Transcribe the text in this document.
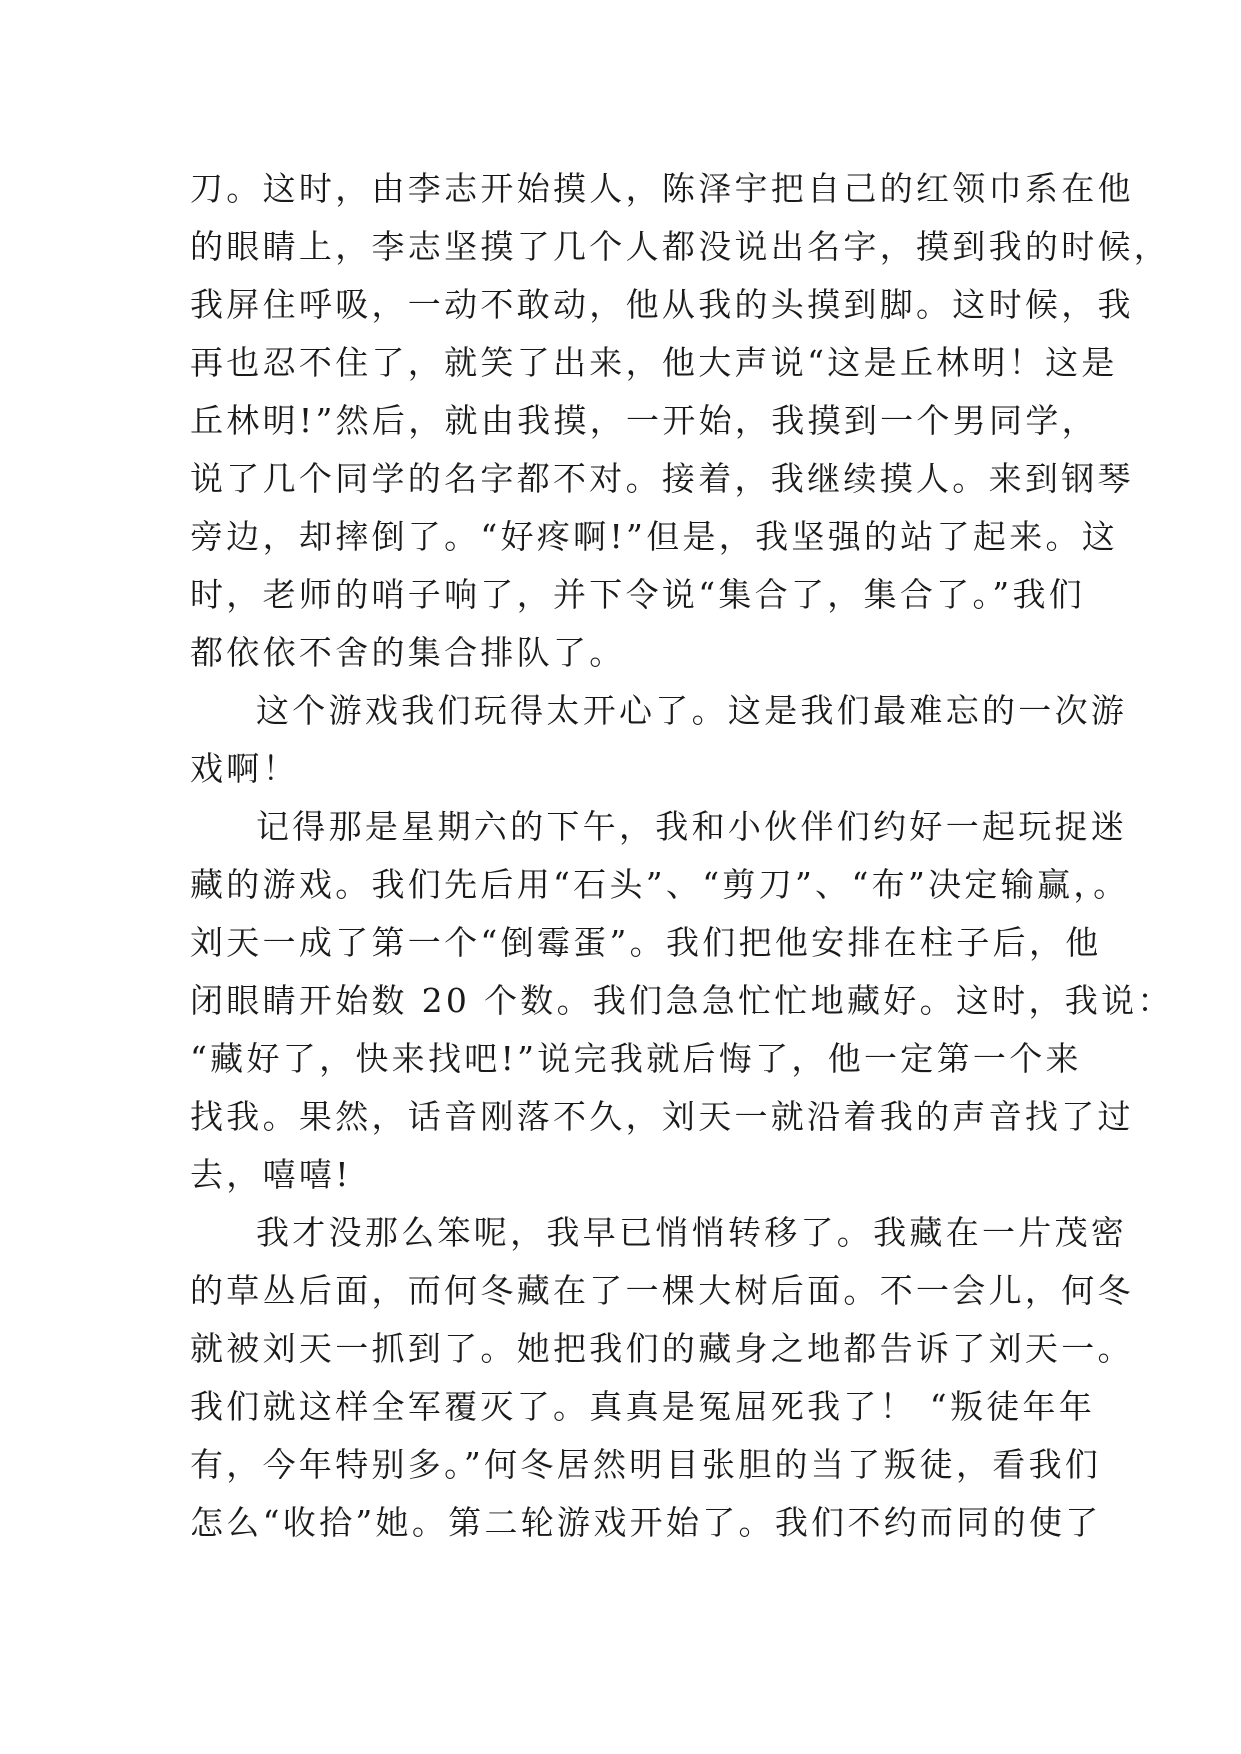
刀。这时，由李志开始摸人，陈泽宇把自己的红领巾系在他
的眼睛上，李志坚摸了几个人都没说出名字，摸到我的时候，
我屏住呼吸，一动不敢动，他从我的头摸到脚。这时候，我
再也忍不住了，就笑了出来，他大声说“这是丘林明！这是
丘林明!”然后，就由我摸，一开始，我摸到一个男同学，
说了几个同学的名字都不对。接着，我继续摸人。来到钢琴
旁边，却摔倒了。“好疼啊!”但是，我坚强的站了起来。这
时，老师的哨子响了，并下令说“集合了，集合了。”我们
都依依不舍的集合排队了。
这个游戏我们玩得太开心了。这是我们最难忘的一次游
戏啊！
记得那是星期六的下午，我和小伙伴们约好一起玩捉迷
藏的游戏。我们先后用“石头”、“剪刀”、“布”决定输赢，。
刘天一成了第一个“倒霉蛋”。我们把他安排在柱子后，他
闭眼睛开始数 20 个数。我们急急忙忙地藏好。这时，我说：
“藏好了，快来找吧!”说完我就后悔了，他一定第一个来
找我。果然，话音刚落不久，刘天一就沿着我的声音找了过
去，嘻嘻!
我才没那么笨呢，我早已悄悄转移了。我藏在一片茂密
的草丛后面，而何冬藏在了一棵大树后面。不一会儿，何冬
就被刘天一抓到了。她把我们的藏身之地都告诉了刘天一。
我们就这样全军覆灭了。真真是冤屈死我了！ “叛徒年年
有，今年特别多。”何冬居然明目张胆的当了叛徒，看我们
怎么“收拾”她。第二轮游戏开始了。我们不约而同的使了
